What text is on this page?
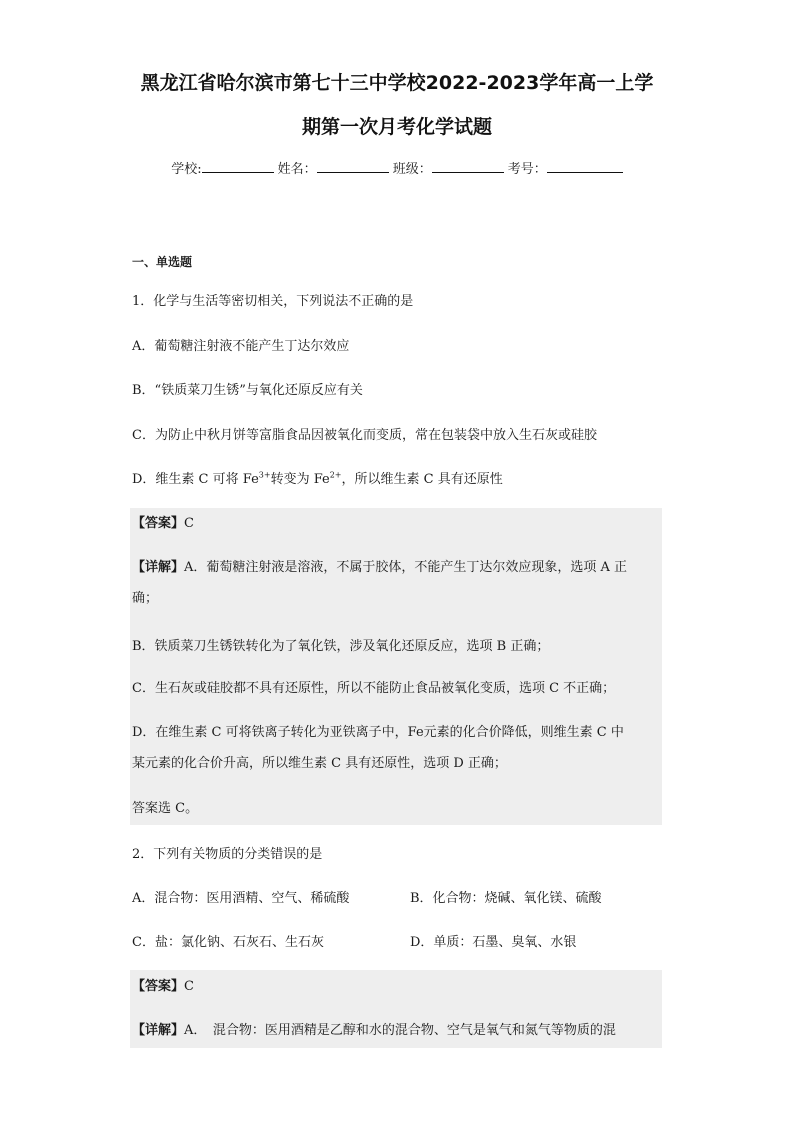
黑龙江省哈尔滨市第七十三中学校2022-2023学年高一上学
期第一次月考化学试题
学校:	姓名：	班级：	考号：
一、单选题
1．化学与生活等密切相关，下列说法不正确的是
A．葡萄糖注射液不能产生丁达尔效应
B．“铁质菜刀生锈”与氧化还原反应有关
C．为防止中秋月饼等富脂食品因被氧化而变质，常在包装袋中放入生石灰或硅胶
D．维生素 C 可将 $Fe^{3+}$转变为 $Fe^{2+}$，所以维生素 C 具有还原性
【答案】C
【详解】A．葡萄糖注射液是溶液，不属于胶体，不能产生丁达尔效应现象，选项 A 正
确；
B．铁质菜刀生锈铁转化为了氧化铁，涉及氧化还原反应，选项 B 正确；
C．生石灰或硅胶都不具有还原性，所以不能防止食品被氧化变质，选项 C 不正确；
D．在维生素 C 可将铁离子转化为亚铁离子中，Fe元素的化合价降低，则维生素 C 中
某元素的化合价升高，所以维生素 C 具有还原性，选项 D 正确；
答案选 C。
2．下列有关物质的分类错误的是
A．混合物：医用酒精、空气、稀硫酸	B．化合物：烧碱、氧化镁、硫酸
C．盐：氯化钠、石灰石、生石灰	D．单质：石墨、臭氧、水银
【答案】C
【详解】A．　混合物：医用酒精是乙醇和水的混合物、空气是氧气和氮气等物质的混
